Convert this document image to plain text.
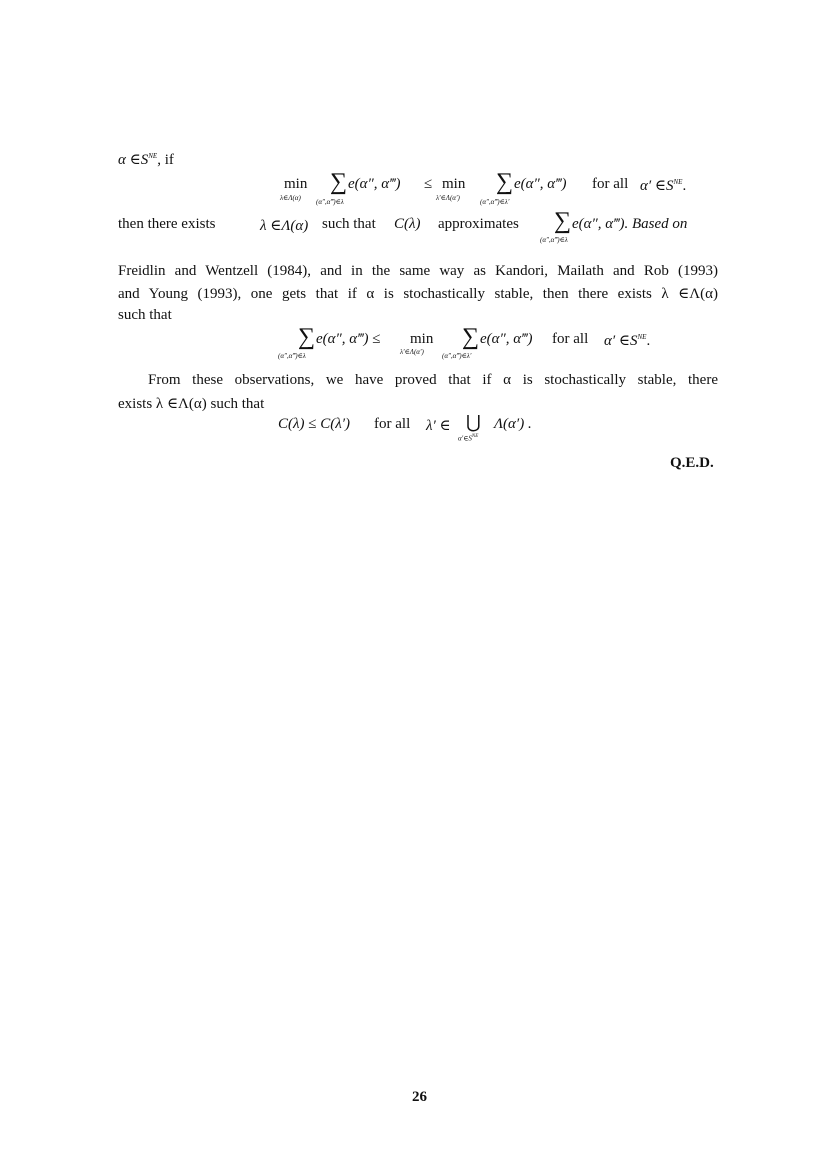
α $\in S^{NE}$, if
min
λ∈Λ(α)
∑
(α″,α‴)∈λ
e(α″, α‴) ≤ min
λ′∈Λ(α′)
∑
(α″,α‴)∈λ′
e(α″, α‴) for all α′ $\in S^{NE}$.
then there exists	λ ∈Λ(α) such that C(λ) approximates ∑
(α″,α‴)∈λ
e(α″, α‴). Based on
Freidlin and Wentzell (1984), and in the same way as Kandori, Mailath and Rob (1993)
and Young (1993), one gets that if α is stochastically stable, then there exists λ ∈Λ(α)
such that
∑
(α″,α‴)∈λ
e(α″, α‴) ≤ min
λ′∈Λ(α′)
∑
(α″,α‴)∈λ′
e(α″, α‴) for all α′ $\in S^{NE}$.
From these observations, we have proved that if α is stochastically stable, there
exists λ ∈Λ(α) such that
C(λ) ≤ C(λ′) for all λ′ ∈ ⋃
$\alpha'\in S^{NE}$
Λ(α′) .
Q.E.D.
26
